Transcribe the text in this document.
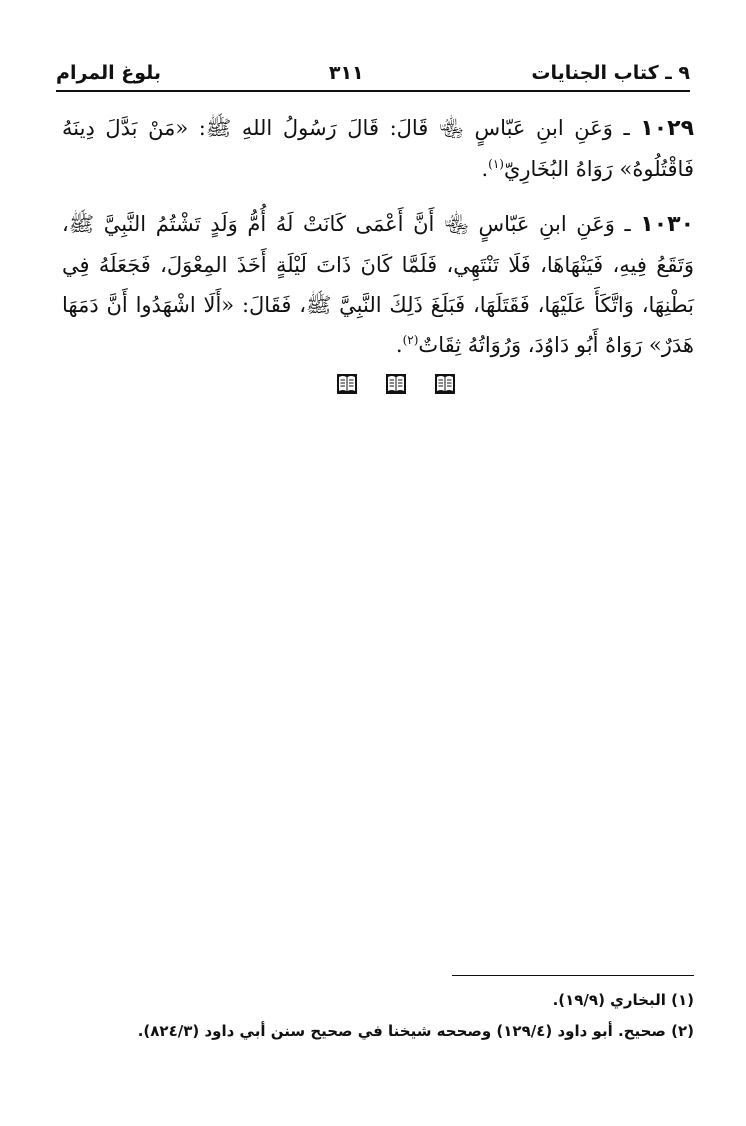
٩ ـ كتاب الجنايات
٣١١
بلوغ المرام

١٠٢٩ ـ وَعَنِ ابنِ عَبّاسٍ ﵄ قَالَ: قَالَ رَسُولُ اللهِ ﷺ: «مَنْ بَدَّلَ دِينَهُ فَاقْتُلُوهُ» رَوَاهُ البُخَارِيّ$^{(١)}$.

١٠٣٠ ـ وَعَنِ ابنِ عَبّاسٍ ﵄ أَنَّ أَعْمَى كَانَتْ لَهُ أُمُّ وَلَدٍ تَشْتُمُ النَّبِيَّ ﷺ، وَتَقَعُ فِيهِ، فَيَنْهَاهَا، فَلَا تَنْتَهِي، فَلَمَّا كَانَ ذَاتَ لَيْلَةٍ أَخَذَ المِعْوَلَ، فَجَعَلَهُ فِي بَطْنِهَا، وَاتَّكَأَ عَلَيْهَا، فَقَتَلَهَا، فَبَلَغَ ذَلِكَ النَّبِيَّ ﷺ، فَقَالَ: «أَلَا اشْهَدُوا أَنَّ دَمَهَا هَدَرٌ» رَوَاهُ أَبُو دَاوُدَ، وَرُوَاتُهُ ثِقَاتٌ$^{(٢)}$.

(١) البخاري (١٩/٩).
(٢) صحيح. أبو داود (١٢٩/٤) وصححه شيخنا في صحيح سنن أبي داود (٨٢٤/٣).
